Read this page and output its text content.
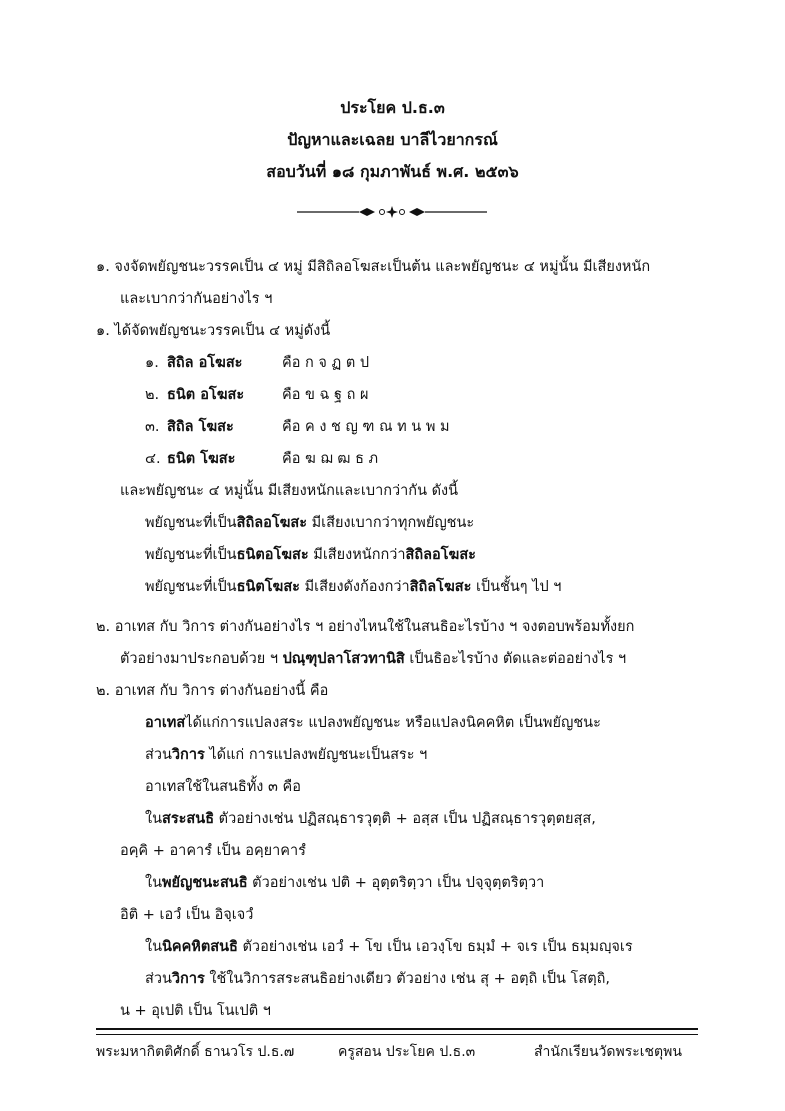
ประโยค ป.ธ.๓
ปัญหาและเฉลย บาลีไวยากรณ์
สอบวันที่ ๑๘ กุมภาพันธ์ พ.ศ. ๒๕๓๖
๑. จงจัดพยัญชนะวรรคเป็น ๔ หมู่ มีสิถิลอโฆสะเป็นต้น และพยัญชนะ ๔ หมู่นั้น มีเสียงหนัก
และเบากว่ากันอย่างไร ฯ
๑. ได้จัดพยัญชนะวรรคเป็น ๔ หมู่ดังนี้
๑. สิถิล อโฆสะ	คือ ก จ ฏ ต ป
๒. ธนิต อโฆสะ	คือ ข ฉ ฐ ถ ผ
๓. สิถิล โฆสะ	คือ ค ง ช ญ ฑ ณ ท น พ ม
๔. ธนิต โฆสะ	คือ ฆ ฌ ฒ ธ ภ
และพยัญชนะ ๔ หมู่นั้น มีเสียงหนักและเบากว่ากัน ดังนี้
พยัญชนะที่เป็นสิถิลอโฆสะ มีเสียงเบากว่าทุกพยัญชนะ
พยัญชนะที่เป็นธนิตอโฆสะ มีเสียงหนักกว่าสิถิลอโฆสะ
พยัญชนะที่เป็นธนิตโฆสะ มีเสียงดังก้องกว่าสิถิลโฆสะ เป็นชั้นๆ ไป ฯ
๒. อาเทส กับ วิการ ต่างกันอย่างไร ฯ อย่างไหนใช้ในสนธิอะไรบ้าง ฯ จงตอบพร้อมทั้งยก
ตัวอย่างมาประกอบด้วย ฯ ปณฺฑุปลาโสวทานิสิ เป็นธิอะไรบ้าง ตัดและต่ออย่างไร ฯ
๒. อาเทส กับ วิการ ต่างกันอย่างนี้ คือ
อาเทสได้แก่การแปลงสระ แปลงพยัญชนะ หรือแปลงนิคคหิต เป็นพยัญชนะ
ส่วนวิการ ได้แก่ การแปลงพยัญชนะเป็นสระ ฯ
อาเทสใช้ในสนธิทั้ง ๓ คือ
ในสระสนธิ ตัวอย่างเช่น ปฏิสณฺธารวุตฺติ + อสฺส เป็น ปฏิสณฺธารวุตฺตยสฺส,
อคฺคิ + อาคารํ เป็น อคฺยาคารํ
ในพยัญชนะสนธิ ตัวอย่างเช่น ปติ + อุตฺตริตฺวา เป็น ปจฺจุตฺตริตฺวา
อิติ + เอวํ เป็น อิจฺเจวํ
ในนิคคหิตสนธิ ตัวอย่างเช่น เอวํ + โข เป็น เอวงฺโข ธมฺมํ + จเร เป็น ธมฺมญฺจเร
ส่วนวิการ ใช้ในวิการสระสนธิอย่างเดียว ตัวอย่าง เช่น สุ + อตฺถิ เป็น โสตฺถิ,
น + อุเปติ เป็น โนเปติ ฯ
พระมหากิตติศักดิ์ ธานวโร ป.ธ.๗	ครูสอน ประโยค ป.ธ.๓	สำนักเรียนวัดพระเชตุพน
